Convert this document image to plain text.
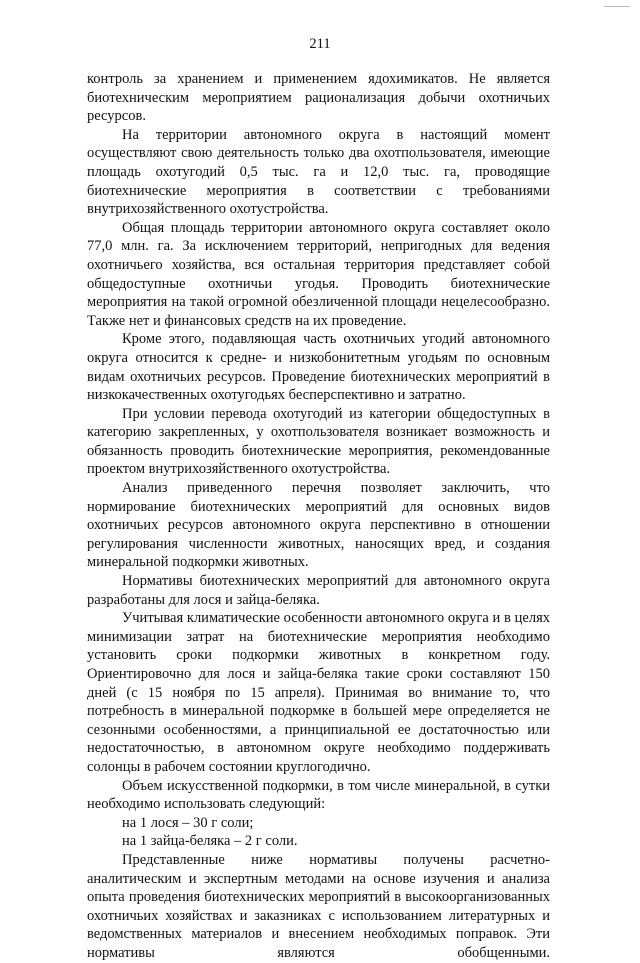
211

контроль за хранением и применением ядохимикатов. Не является биотехническим мероприятием рационализация добычи охотничьих ресурсов.

На территории автономного округа в настоящий момент осуществляют свою деятельность только два охотпользователя, имеющие площадь охотугодий 0,5 тыс. га и 12,0 тыс. га, проводящие биотехнические мероприятия в соответствии с требованиями внутрихозяйственного охотустройства.

Общая площадь территории автономного округа составляет около 77,0 млн. га. За исключением территорий, непригодных для ведения охотничьего хозяйства, вся остальная территория представляет собой общедоступные охотничьи угодья. Проводить биотехнические мероприятия на такой огромной обезличенной площади нецелесообразно. Также нет и финансовых средств на их проведение.

Кроме этого, подавляющая часть охотничьих угодий автономного округа относится к средне- и низкобонитетным угодьям по основным видам охотничьих ресурсов. Проведение биотехнических мероприятий в низкокачественных охотугодьях бесперспективно и затратно.

При условии перевода охотугодий из категории общедоступных в категорию закрепленных, у охотпользователя возникает возможность и обязанность проводить биотехнические мероприятия, рекомендованные проектом внутрихозяйственного охотустройства.

Анализ приведенного перечня позволяет заключить, что нормирование биотехнических мероприятий для основных видов охотничьих ресурсов автономного округа перспективно в отношении регулирования численности животных, наносящих вред, и создания минеральной подкормки животных.

Нормативы биотехнических мероприятий для автономного округа разработаны для лося и зайца-беляка.

Учитывая климатические особенности автономного округа и в целях минимизации затрат на биотехнические мероприятия необходимо установить сроки подкормки животных в конкретном году. Ориентировочно для лося и зайца-беляка такие сроки составляют 150 дней (с 15 ноября по 15 апреля). Принимая во внимание то, что потребность в минеральной подкормке в большей мере определяется не сезонными особенностями, а принципиальной ее достаточностью или недостаточностью, в автономном округе необходимо поддерживать солонцы в рабочем состоянии круглогодично.

Объем искусственной подкормки, в том числе минеральной, в сутки необходимо использовать следующий:

на 1 лося – 30 г соли;

на 1 зайца-беляка – 2 г соли.

Представленные ниже нормативы получены расчетно-аналитическим и экспертным методами на основе изучения и анализа опыта проведения биотехнических мероприятий в высокоорганизованных охотничьих хозяйствах и заказниках с использованием литературных и ведомственных материалов и внесением необходимых поправок. Эти нормативы являются обобщенными.
